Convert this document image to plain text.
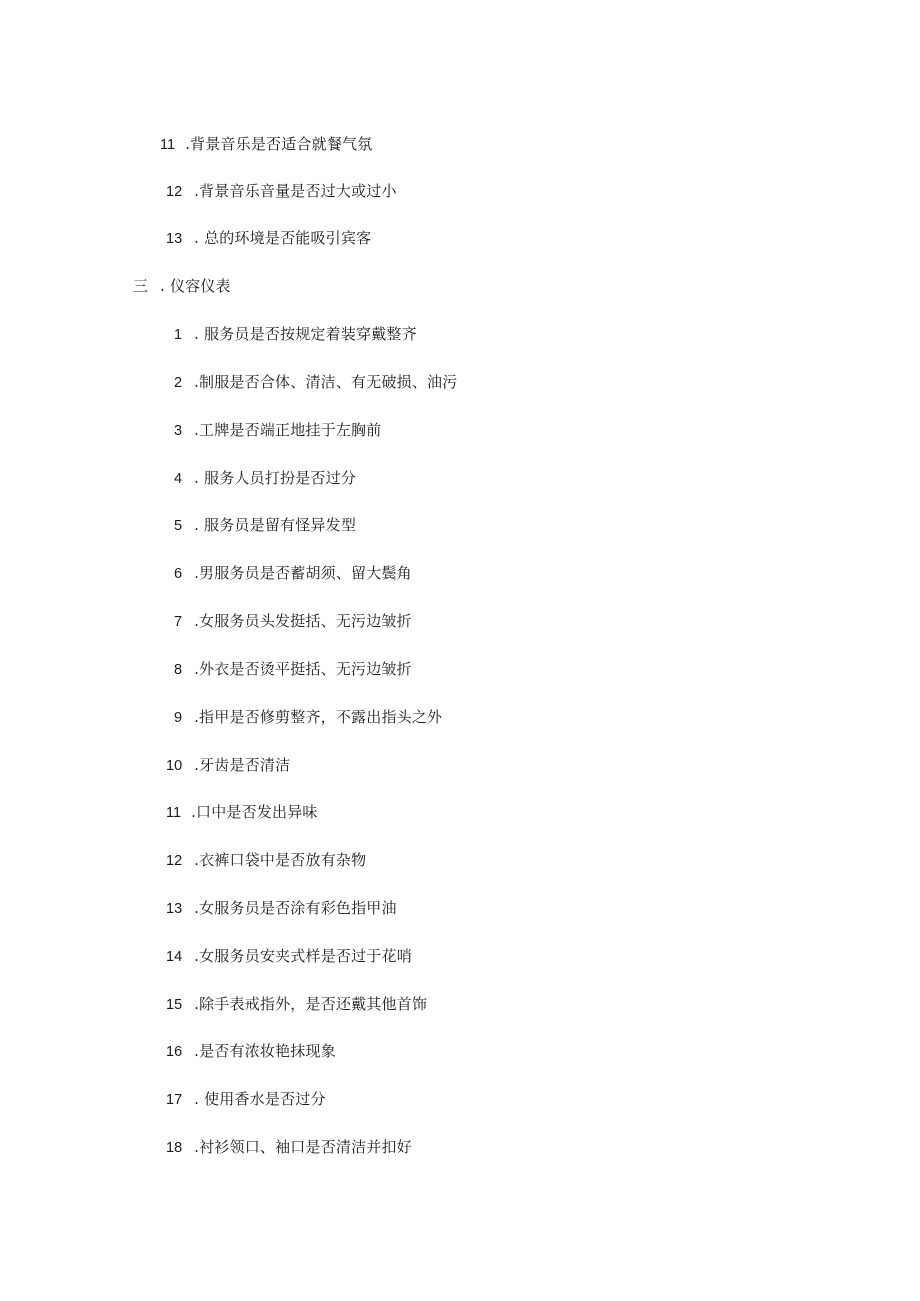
11 .背景音乐是否适合就餐气氛
12 .背景音乐音量是否过大或过小
13 . 总的环境是否能吸引宾客
三 . 仪容仪表
1 . 服务员是否按规定着装穿戴整齐
2 .制服是否合体、清洁、有无破损、油污
3 .工牌是否端正地挂于左胸前
4 . 服务人员打扮是否过分
5 . 服务员是留有怪异发型
6 .男服务员是否蓄胡须、留大鬓角
7 .女服务员头发挺括、无污边皱折
8 .外衣是否烫平挺括、无污边皱折
9 .指甲是否修剪整齐，不露出指头之外
10 .牙齿是否清洁
11 .口中是否发出异味
12 .衣裤口袋中是否放有杂物
13 .女服务员是否涂有彩色指甲油
14 .女服务员安夹式样是否过于花哨
15 .除手表戒指外，是否还戴其他首饰
16 .是否有浓妆艳抹现象
17 . 使用香水是否过分
18 .衬衫领口、袖口是否清洁并扣好
